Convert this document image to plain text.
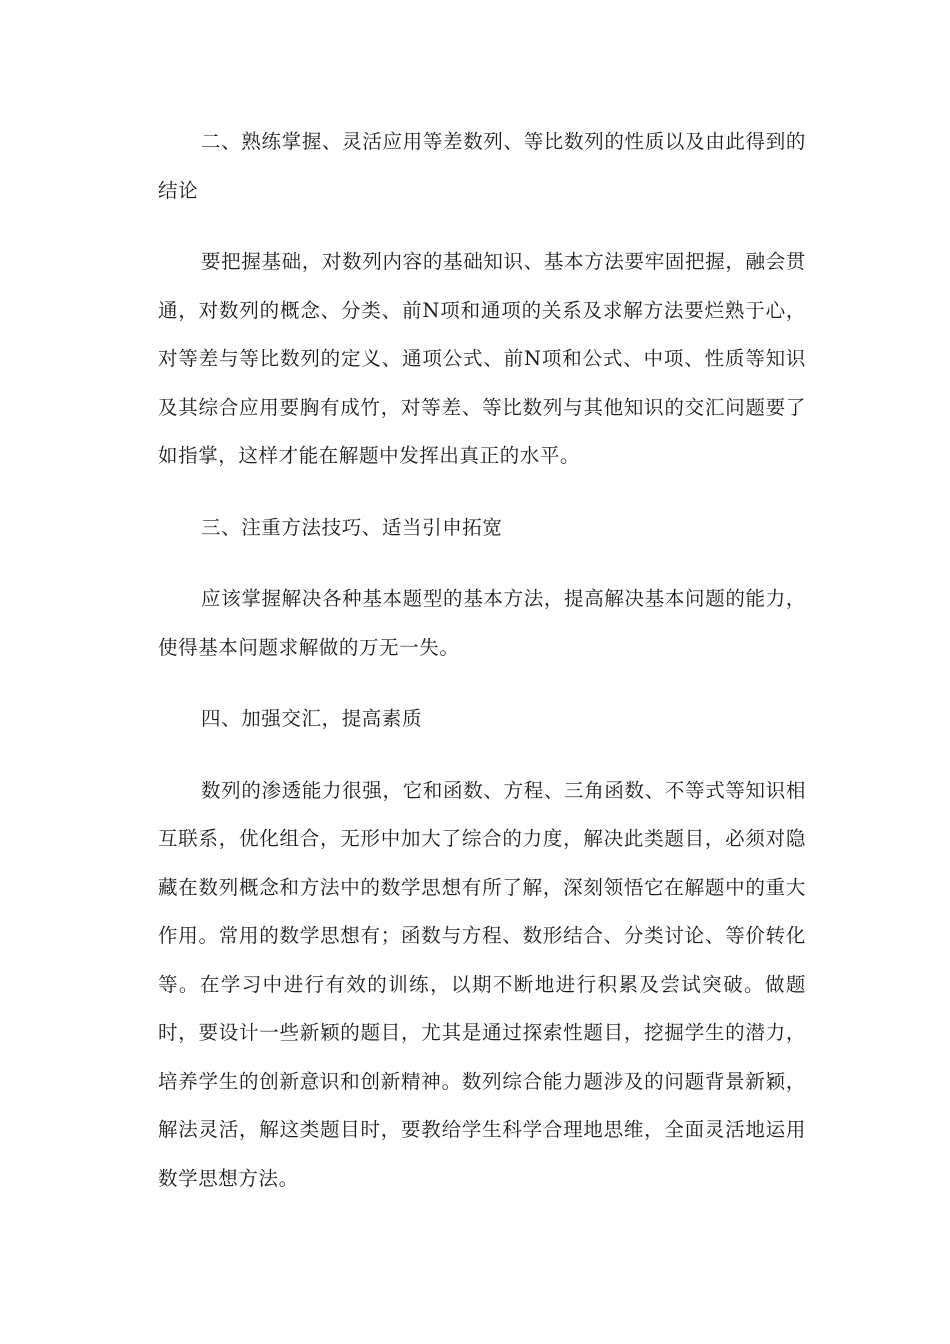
二、熟练掌握、灵活应用等差数列、等比数列的性质以及由此得到的结论

要把握基础，对数列内容的基础知识、基本方法要牢固把握，融会贯通，对数列的概念、分类、前N项和通项的关系及求解方法要烂熟于心，对等差与等比数列的定义、通项公式、前N项和公式、中项、性质等知识及其综合应用要胸有成竹，对等差、等比数列与其他知识的交汇问题要了如指掌，这样才能在解题中发挥出真正的水平。

三、注重方法技巧、适当引申拓宽

应该掌握解决各种基本题型的基本方法，提高解决基本问题的能力，使得基本问题求解做的万无一失。

四、加强交汇，提高素质

数列的渗透能力很强，它和函数、方程、三角函数、不等式等知识相互联系，优化组合，无形中加大了综合的力度，解决此类题目，必须对隐藏在数列概念和方法中的数学思想有所了解，深刻领悟它在解题中的重大作用。常用的数学思想有；函数与方程、数形结合、分类讨论、等价转化等。在学习中进行有效的训练，以期不断地进行积累及尝试突破。做题时，要设计一些新颖的题目，尤其是通过探索性题目，挖掘学生的潜力，培养学生的创新意识和创新精神。数列综合能力题涉及的问题背景新颖，解法灵活，解这类题目时，要教给学生科学合理地思维，全面灵活地运用数学思想方法。
